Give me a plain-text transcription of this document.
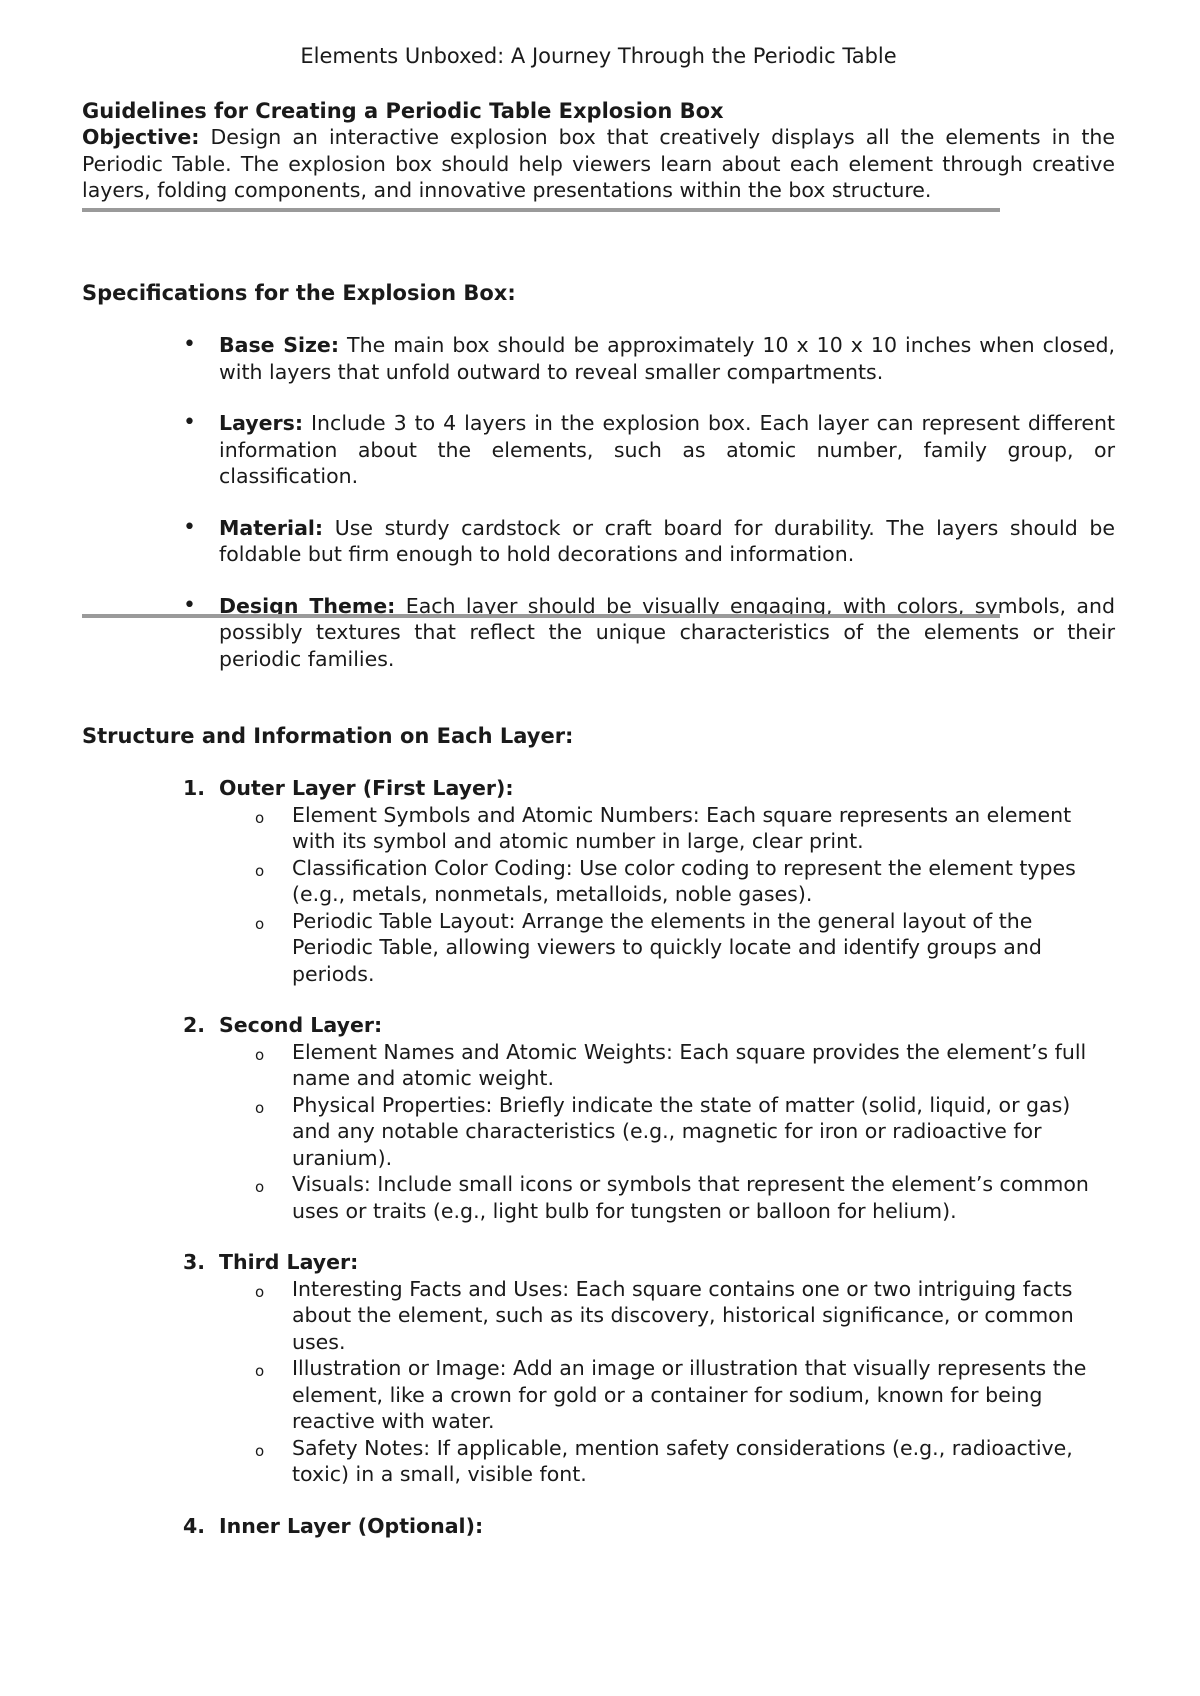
Elements Unboxed: A Journey Through the Periodic Table
Guidelines for Creating a Periodic Table Explosion Box
Objective: Design an interactive explosion box that creatively displays all the elements in the Periodic Table. The explosion box should help viewers learn about each element through creative layers, folding components, and innovative presentations within the box structure.
Specifications for the Explosion Box:
• Base Size: The main box should be approximately 10 x 10 x 10 inches when closed, with layers that unfold outward to reveal smaller compartments.
• Layers: Include 3 to 4 layers in the explosion box. Each layer can represent different information about the elements, such as atomic number, family group, or classification.
• Material: Use sturdy cardstock or craft board for durability. The layers should be foldable but firm enough to hold decorations and information.
• Design Theme: Each layer should be visually engaging, with colors, symbols, and possibly textures that reflect the unique characteristics of the elements or their periodic families.
Structure and Information on Each Layer:
1. Outer Layer (First Layer):
o Element Symbols and Atomic Numbers: Each square represents an element with its symbol and atomic number in large, clear print.
o Classification Color Coding: Use color coding to represent the element types (e.g., metals, nonmetals, metalloids, noble gases).
o Periodic Table Layout: Arrange the elements in the general layout of the Periodic Table, allowing viewers to quickly locate and identify groups and periods.
2. Second Layer:
o Element Names and Atomic Weights: Each square provides the element’s full name and atomic weight.
o Physical Properties: Briefly indicate the state of matter (solid, liquid, or gas) and any notable characteristics (e.g., magnetic for iron or radioactive for uranium).
o Visuals: Include small icons or symbols that represent the element’s common uses or traits (e.g., light bulb for tungsten or balloon for helium).
3. Third Layer:
o Interesting Facts and Uses: Each square contains one or two intriguing facts about the element, such as its discovery, historical significance, or common uses.
o Illustration or Image: Add an image or illustration that visually represents the element, like a crown for gold or a container for sodium, known for being reactive with water.
o Safety Notes: If applicable, mention safety considerations (e.g., radioactive, toxic) in a small, visible font.
4. Inner Layer (Optional):
